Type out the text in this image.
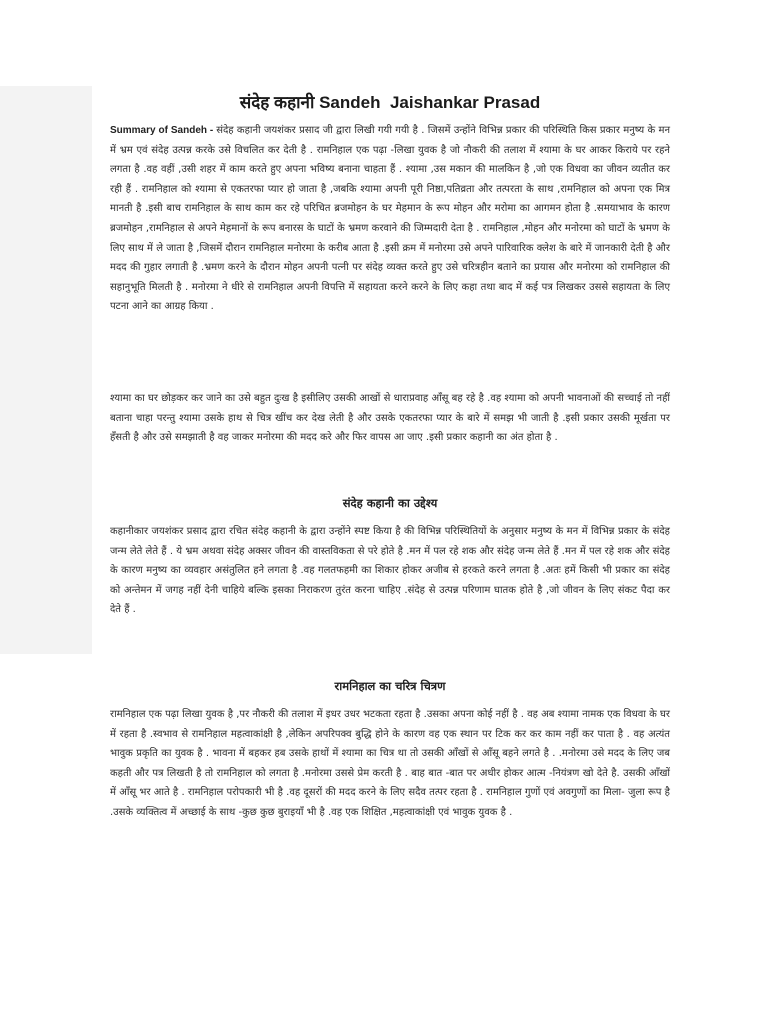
संदेह कहानी Sandeh  Jaishankar Prasad

Summary of Sandeh - संदेह कहानी जयशंकर प्रसाद जी द्वारा लिखी गयी गयी है . जिसमें उन्होंने विभिन्न प्रकार की परिस्थिति किस प्रकार मनुष्य के मन में भ्रम एवं संदेह उत्पन्न करके उसे विचलित कर देती है . रामनिहाल एक पढ़ा -लिखा युवक है जो नौकरी की तलाश में श्यामा के घर आकर किराये पर रहने लगता है .वह वहीं ,उसी शहर में काम करते हुए अपना भविष्य बनाना चाहता हैं . श्यामा ,उस मकान की मालकिन है ,जो एक विधवा का जीवन व्यतीत कर रही हैं . रामनिहाल को श्यामा से एकतरफा प्यार हो जाता है ,जबकि श्यामा अपनी पूरी निष्ठा,पतिव्रता और तत्परता के साथ ,रामनिहाल को अपना एक मित्र मानती है .इसी बाच रामनिहाल के साथ काम कर रहे परिचित ब्रजमोहन के घर मेहमान के रूप मोहन और मरोमा का आगमन होता है .समयाभाव के कारण ब्रजमोहन ,रामनिहाल से अपने मेहमानों के रूप बनारस के घाटों के भ्रमण करवाने की जिम्मदारी देता है . रामनिहाल ,मोहन और मनोरमा को घाटों के भ्रमण के लिए साथ में ले जाता है ,जिसमें दौरान रामनिहाल मनोरमा के करीब आता है .इसी क्रम में मनोरमा उसे अपने पारिवारिक क्लेश के बारे में जानकारी देती है और मदद की गुहार लगाती है .भ्रमण करने के दौरान मोहन अपनी पत्नी पर संदेह व्यक्त करते हुए उसे चरित्रहीन बताने का प्रयास और मनोरमा को रामनिहाल की सहानुभूति मिलती है . मनोरमा ने धीरे से रामनिहाल अपनी विपत्ति में सहायता करने करने के लिए कहा तथा बाद में कई पत्र लिखकर उससे सहायता के लिए पटना आने का आग्रह किया .

श्यामा का घर छोड़कर कर जाने का उसे बहुत दुःख है इसीलिए उसकी आखों से धाराप्रवाह आँसू बह रहे है .वह श्यामा को अपनी भावनाओं की सच्चाई तो नहीं बताना चाहा परन्तु श्यामा उसके हाथ से चित्र खींच कर देख लेती है और उसके एकतरफा प्यार के बारे में समझ भी जाती है .इसी प्रकार उसकी मूर्खता पर हँसती है और उसे समझाती है वह जाकर मनोरमा की मदद करे और फिर वापस आ जाए .इसी प्रकार कहानी का अंत होता है .

संदेह कहानी का उद्देश्य

कहानीकार जयशंकर प्रसाद द्वारा रचित संदेह कहानी के द्वारा उन्होंने स्पष्ट किया है की विभिन्न परिस्थितियों के अनुसार मनुष्य के मन में विभिन्न प्रकार के संदेह जन्म लेते लेते हैं . ये भ्रम अथवा संदेह अक्सर जीवन की वास्तविकता से परे होते है .मन में पल रहे शक और संदेह जन्म लेते हैं .मन में पल रहे शक और संदेह के कारण मनुष्य का व्यवहार असंतुलित हने लगता है .वह गलतफहमी का शिकार होकर अजीब से हरकते करने लगता है .अतः हमें किसी भी प्रकार का संदेह को अन्तेमन में जगह नहीं देनी चाहिये बल्कि इसका निराकरण तुरंत करना चाहिए .संदेह से उत्पन्न परिणाम घातक होते है ,जो जीवन के लिए संकट पैदा कर देते हैं .

रामनिहाल का चरित्र चित्रण

रामनिहाल एक पढ़ा लिखा युवक है ,पर नौकरी की तलाश में इधर उधर भटकता रहता है .उसका अपना कोई नहीं है . वह अब श्यामा नामक एक विधवा के घर में रहता है .स्वभाव से रामनिहाल महत्वाकांक्षी है ,लेकिन अपरिपक्व बुद्धि होने के कारण वह एक स्थान पर टिक कर कर काम नहीं कर पाता है . वह अत्यंत भावुक प्रकृति का युवक है . भावना में बहकर हब उसके हाथों में श्यामा का चित्र था तो उसकी आँखों से आँसू बहने लगते है . .मनोरमा उसे मदद के लिए जब कहती और पत्र लिखती है तो रामनिहाल को लगता है .मनोरमा उससे प्रेम करती है . बाह बात -बात पर अधीर होकर आत्म -नियंत्रण खो देते है. उसकी आँखों में आँसू भर आते है . रामनिहाल परोपकारी भी है .वह दूसरों की मदद करने के लिए सदैव तत्पर रहता है . रामनिहाल गुणों एवं अवगुणों का मिला- जुला रूप है .उसके व्यक्तित्व में अच्छाई के साथ -कुछ कुछ बुराइयाँ भी है .वह एक शिक्षित ,महत्वाकांक्षी एवं भावुक युवक है .
